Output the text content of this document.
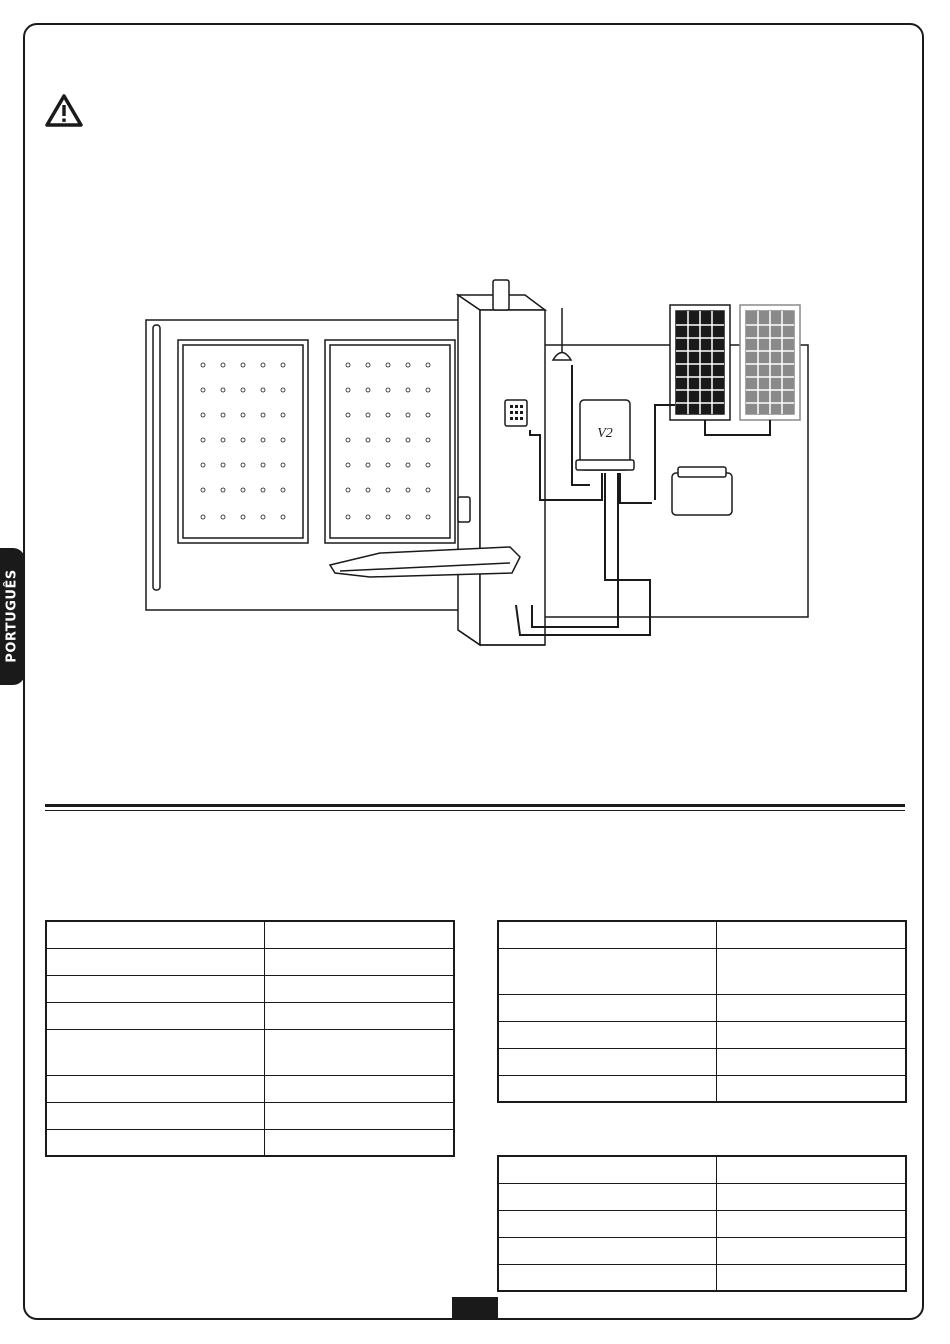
PORTUGUÊS
V2
